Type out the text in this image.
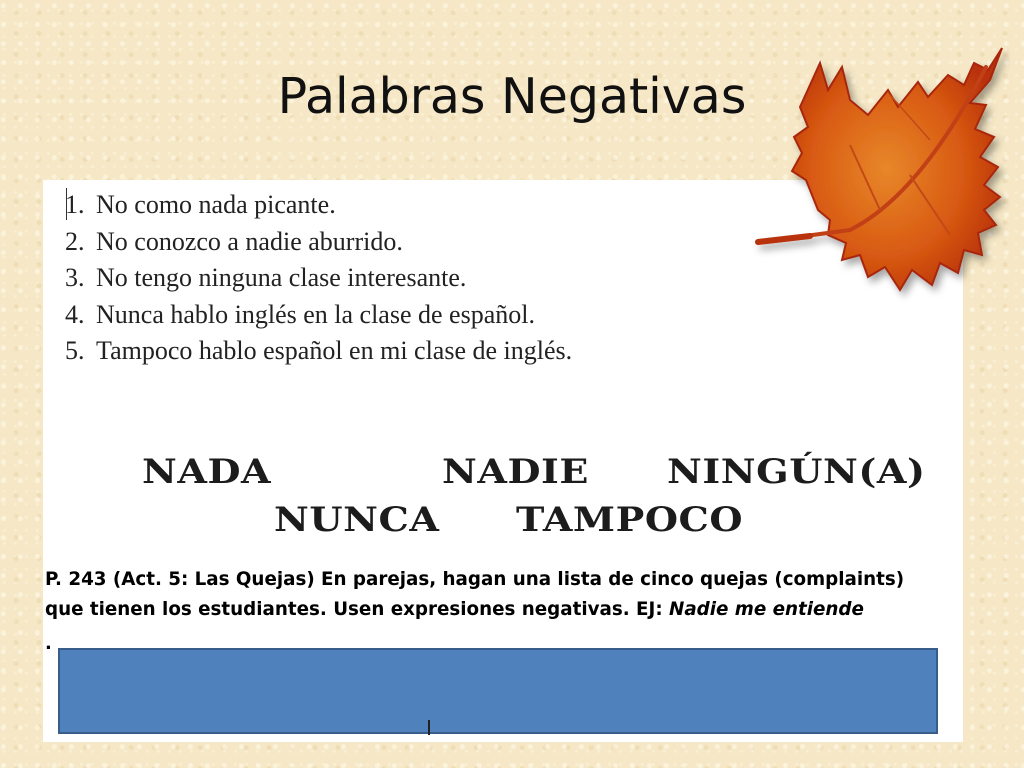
Palabras Negativas
1. No como nada picante.
2. No conozco a nadie aburrido.
3. No tengo ninguna clase interesante.
4. Nunca hablo inglés en la clase de español.
5. Tampoco hablo español en mi clase de inglés.
NADA	NADIE NINGÚN(A)
NUNCA TAMPOCO
P. 243 (Act. 5: Las Quejas) En parejas, hagan una lista de cinco quejas (complaints)
que tienen los estudiantes. Usen expresiones negativas. EJ: Nadie me entiende
.
